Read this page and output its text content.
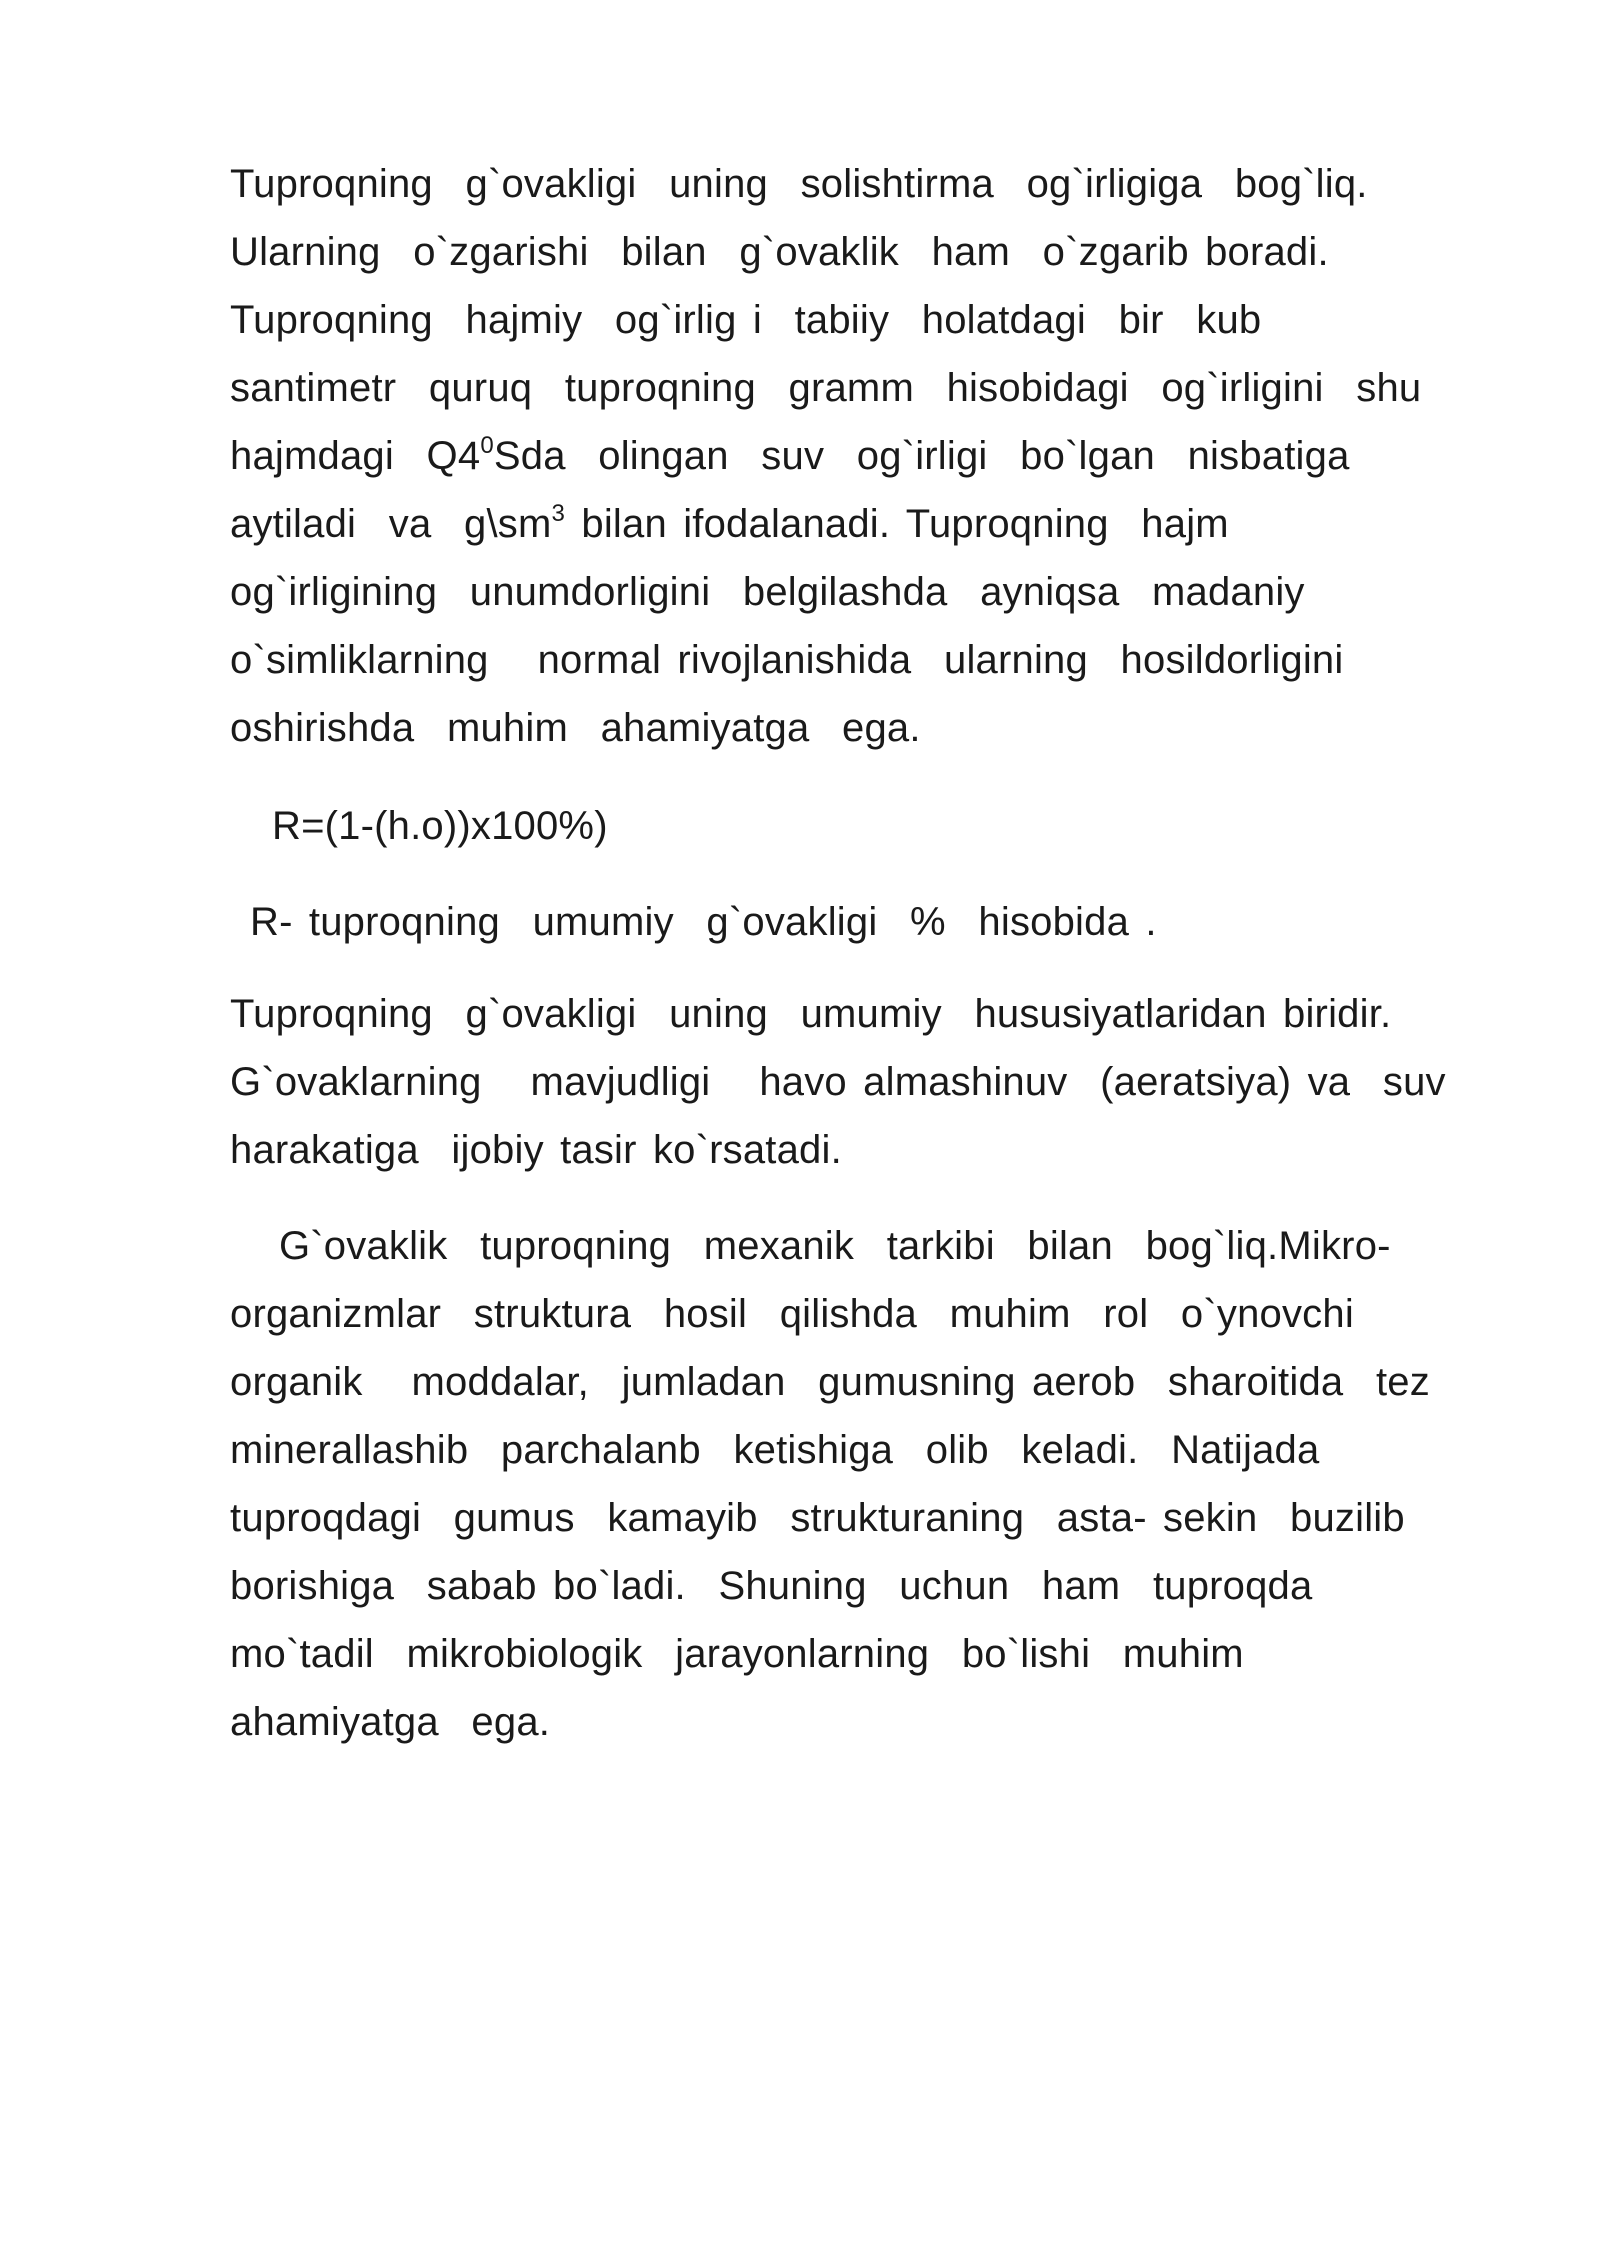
Tuproqning  g`ovakligi  uning  solishtirma  og`irligiga  bog`liq.
Ularning  o`zgarishi  bilan  g`ovaklik  ham  o`zgarib boradi.
Tuproqning  hajmiy  og`irlig i  tabiiy  holatdagi  bir  kub
santimetr  quruq  tuproqning  gramm  hisobidagi  og`irligini  shu
hajmdagi  $Q4^0Sda$  olingan  suv  og`irligi  bo`lgan  nisbatiga
aytiladi  va  $g\backslash sm^3$ bilan ifodalanadi. Tuproqning  hajm
og`irligining  unumdorligini  belgilashda  ayniqsa  madaniy
o`simliklarning   normal rivojlanishida  ularning  hosildorligini
oshirishda  muhim  ahamiyatga  ega.
R=(1-(h.o))x100%)
R- tuproqning  umumiy  g`ovakligi  %  hisobida .
Tuproqning  g`ovakligi  uning  umumiy  hususiyatlaridan biridir.
G`ovaklarning   mavjudligi   havo almashinuv  (aeratsiya) va  suv
harakatiga  ijobiy tasir ko`rsatadi.
G`ovaklik  tuproqning  mexanik  tarkibi  bilan  bog`liq.Mikro-
organizmlar  struktura  hosil  qilishda  muhim  rol  o`ynovchi
organik   moddalar,  jumladan  gumusning aerob  sharoitida  tez
minerallashib  parchalanb  ketishiga  olib  keladi.  Natijada
tuproqdagi  gumus  kamayib  strukturaning  asta- sekin  buzilib
borishiga  sabab bo`ladi.  Shuning  uchun  ham  tuproqda
mo`tadil  mikrobiologik  jarayonlarning  bo`lishi  muhim
ahamiyatga  ega.
